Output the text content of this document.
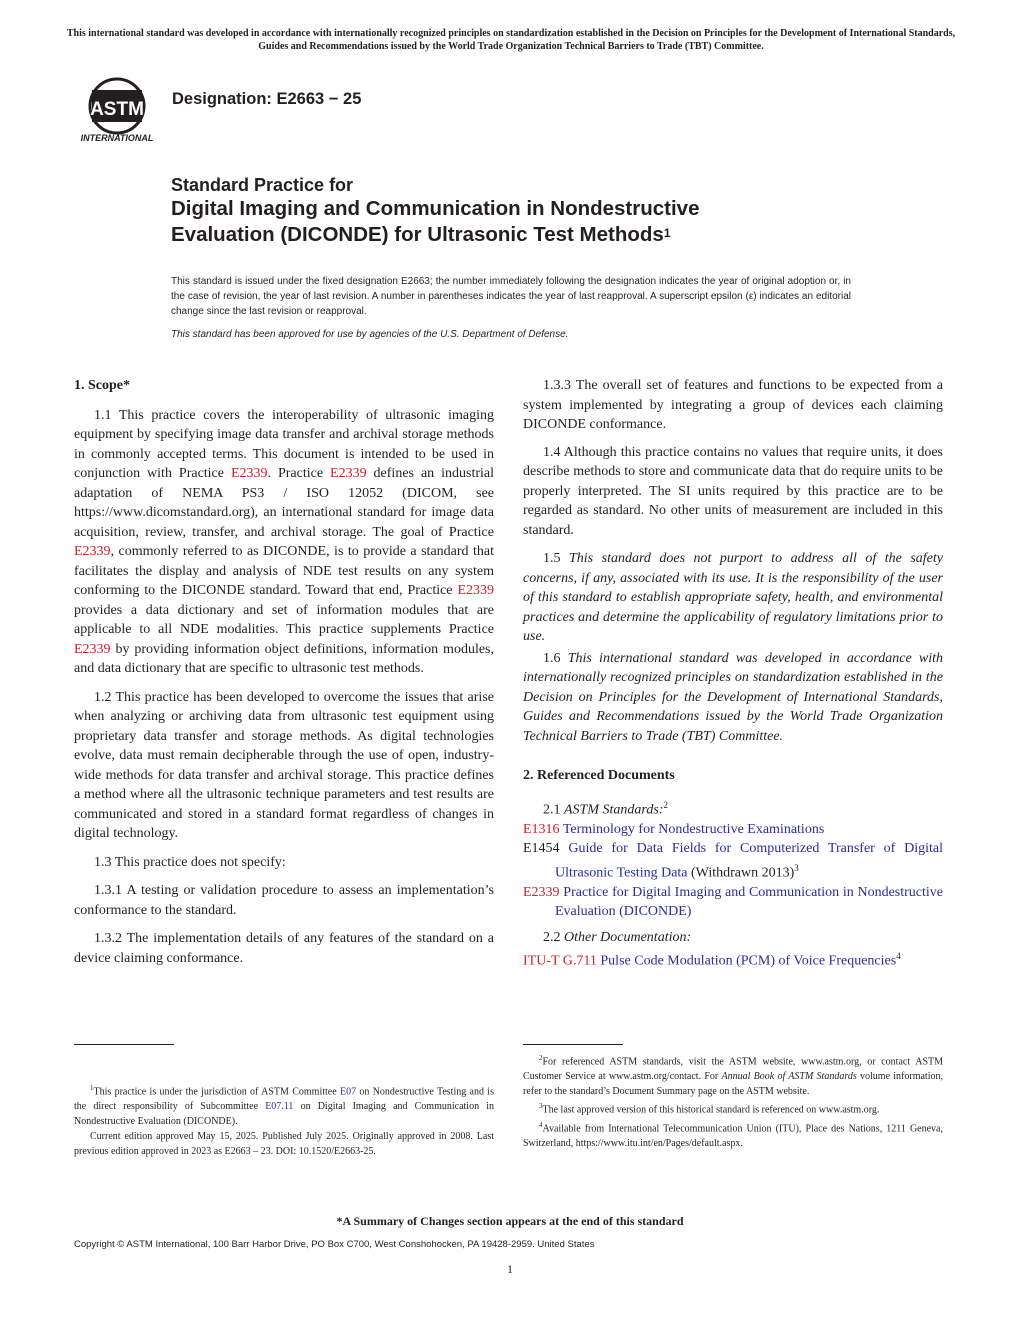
This international standard was developed in accordance with internationally recognized principles on standardization established in the Decision on Principles for the Development of International Standards, Guides and Recommendations issued by the World Trade Organization Technical Barriers to Trade (TBT) Committee.
ASTM
INTERNATIONAL
Designation: E2663 − 25
Standard Practice for
Digital Imaging and Communication in Nondestructive
Evaluation (DICONDE) for Ultrasonic Test Methods$^1$
This standard is issued under the fixed designation E2663; the number immediately following the designation indicates the year of original adoption or, in the case of revision, the year of last revision. A number in parentheses indicates the year of last reapproval. A superscript epsilon (ε) indicates an editorial change since the last revision or reapproval.
This standard has been approved for use by agencies of the U.S. Department of Defense.
1. Scope*

1.1 This practice covers the interoperability of ultrasonic imaging equipment by specifying image data transfer and archival storage methods in commonly accepted terms. This document is intended to be used in conjunction with Practice E2339. Practice E2339 defines an industrial adaptation of NEMA PS3 / ISO 12052 (DICOM, see https://www.dicomstandard.org), an international standard for image data acquisition, review, transfer, and archival storage. The goal of Practice E2339, commonly referred to as DICONDE, is to provide a standard that facilitates the display and analysis of NDE test results on any system conforming to the DICONDE standard. Toward that end, Practice E2339 provides a data dictionary and set of information modules that are applicable to all NDE modalities. This practice supplements Practice E2339 by providing information object definitions, information modules, and data dictionary that are specific to ultrasonic test methods.

1.2 This practice has been developed to overcome the issues that arise when analyzing or archiving data from ultrasonic test equipment using proprietary data transfer and storage methods. As digital technologies evolve, data must remain decipherable through the use of open, industry-wide methods for data transfer and archival storage. This practice defines a method where all the ultrasonic technique parameters and test results are communicated and stored in a standard format regardless of changes in digital technology.

1.3 This practice does not specify:

1.3.1 A testing or validation procedure to assess an implementation’s conformance to the standard.

1.3.2 The implementation details of any features of the standard on a device claiming conformance.

1.3.3 The overall set of features and functions to be expected from a system implemented by integrating a group of devices each claiming DICONDE conformance.

1.4 Although this practice contains no values that require units, it does describe methods to store and communicate data that do require units to be properly interpreted. The SI units required by this practice are to be regarded as standard. No other units of measurement are included in this standard.

1.5 This standard does not purport to address all of the safety concerns, if any, associated with its use. It is the responsibility of the user of this standard to establish appropriate safety, health, and environmental practices and determine the applicability of regulatory limitations prior to use.

1.6 This international standard was developed in accordance with internationally recognized principles on standardization established in the Decision on Principles for the Development of International Standards, Guides and Recommendations issued by the World Trade Organization Technical Barriers to Trade (TBT) Committee.

2. Referenced Documents

2.1 ASTM Standards:$^2$

E1316 Terminology for Nondestructive Examinations
E1454 Guide for Data Fields for Computerized Transfer of Digital Ultrasonic Testing Data (Withdrawn 2013)$^3$
E2339 Practice for Digital Imaging and Communication in Nondestructive Evaluation (DICONDE)

2.2 Other Documentation:

ITU-T G.711 Pulse Code Modulation (PCM) of Voice Frequencies$^4$

$^1$This practice is under the jurisdiction of ASTM Committee E07 on Nondestructive Testing and is the direct responsibility of Subcommittee E07.11 on Digital Imaging and Communication in Nondestructive Evaluation (DICONDE).

Current edition approved May 15, 2025. Published July 2025. Originally approved in 2008. Last previous edition approved in 2023 as E2663 – 23. DOI: 10.1520/E2663-25.

$^2$For referenced ASTM standards, visit the ASTM website, www.astm.org, or contact ASTM Customer Service at www.astm.org/contact. For Annual Book of ASTM Standards volume information, refer to the standard’s Document Summary page on the ASTM website.

$^3$The last approved version of this historical standard is referenced on www.astm.org.

$^4$Available from International Telecommunication Union (ITU), Place des Nations, 1211 Geneva, Switzerland, https://www.itu.int/en/Pages/default.aspx.

*A Summary of Changes section appears at the end of this standard
Copyright © ASTM International, 100 Barr Harbor Drive, PO Box C700, West Conshohocken, PA 19428-2959. United States
1
